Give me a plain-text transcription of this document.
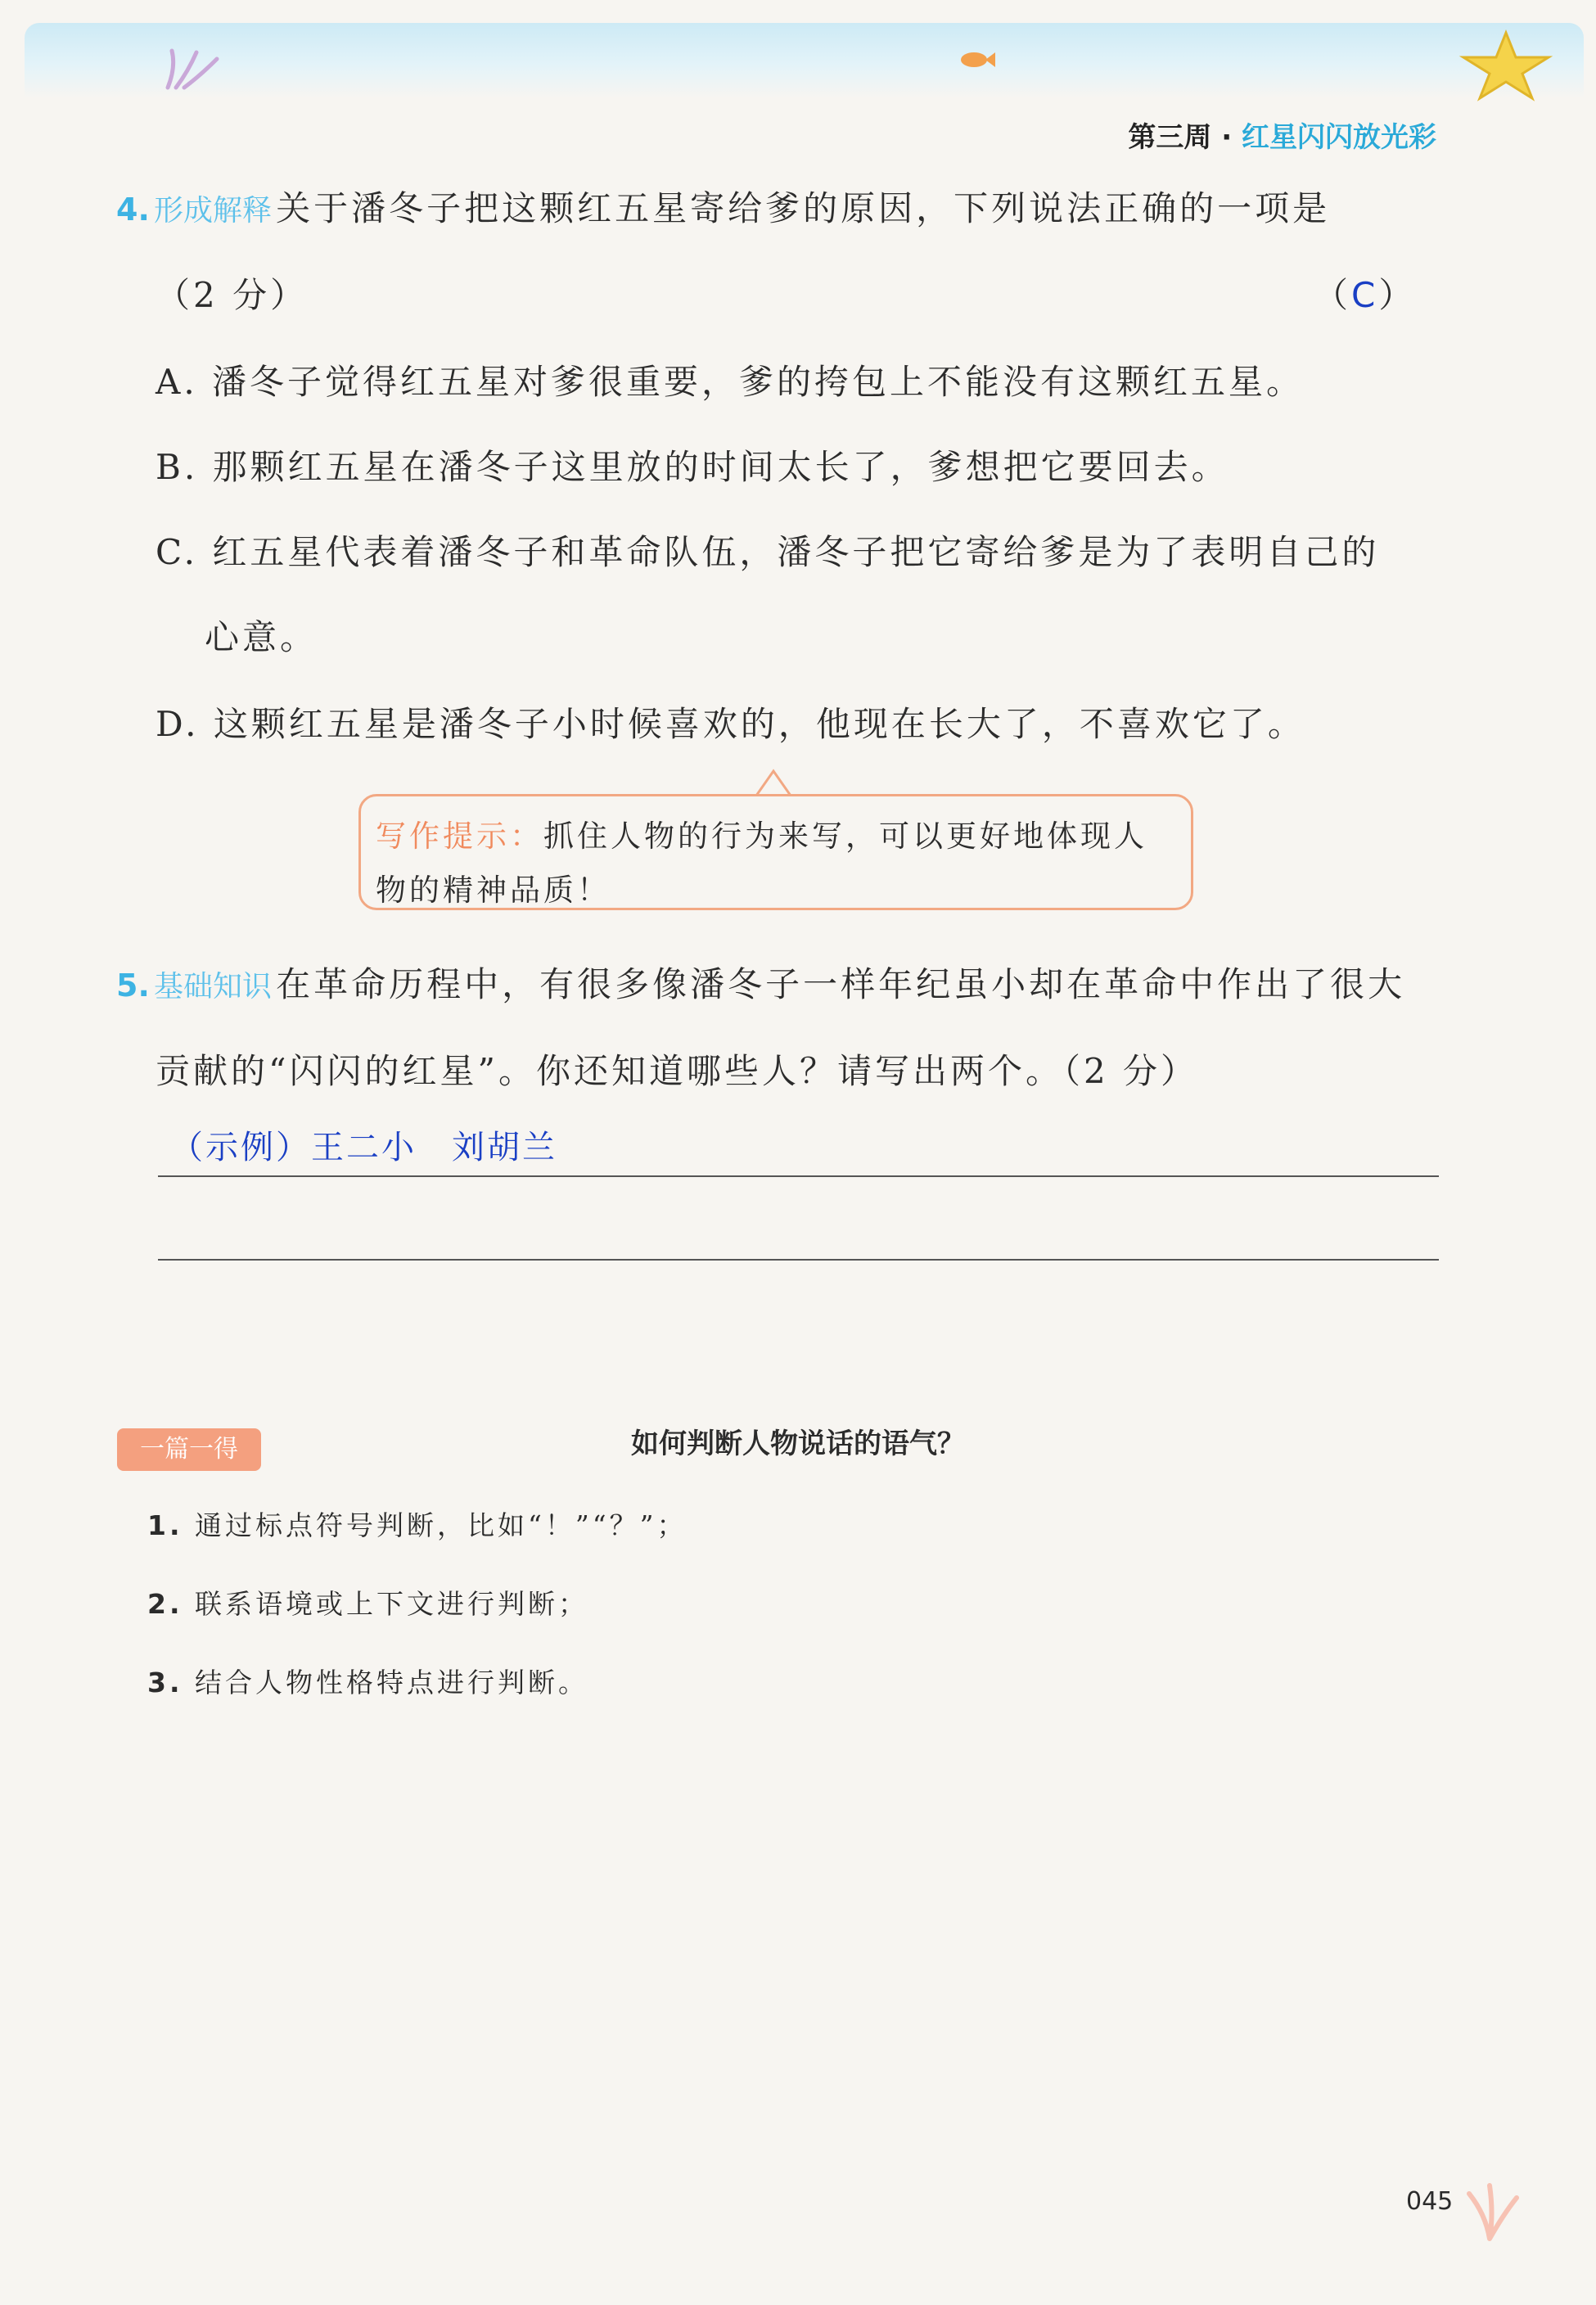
第三周 · 红星闪闪放光彩
4. 形成解释 关于潘冬子把这颗红五星寄给爹的原因，下列说法正确的一项是
（2 分）	（C）
A. 潘冬子觉得红五星对爹很重要，爹的挎包上不能没有这颗红五星。
B. 那颗红五星在潘冬子这里放的时间太长了，爹想把它要回去。
C. 红五星代表着潘冬子和革命队伍，潘冬子把它寄给爹是为了表明自己的
心意。
D. 这颗红五星是潘冬子小时候喜欢的，他现在长大了，不喜欢它了。
写作提示：抓住人物的行为来写，可以更好地体现人
物的精神品质！
5. 基础知识 在革命历程中，有很多像潘冬子一样年纪虽小却在革命中作出了很大
贡献的“闪闪的红星”。你还知道哪些人？请写出两个。（2 分）
（示例）王二小　刘胡兰
一篇一得	如何判断人物说话的语气？
1. 通过标点符号判断，比如“！”“？”；
2. 联系语境或上下文进行判断；
3. 结合人物性格特点进行判断。
045
